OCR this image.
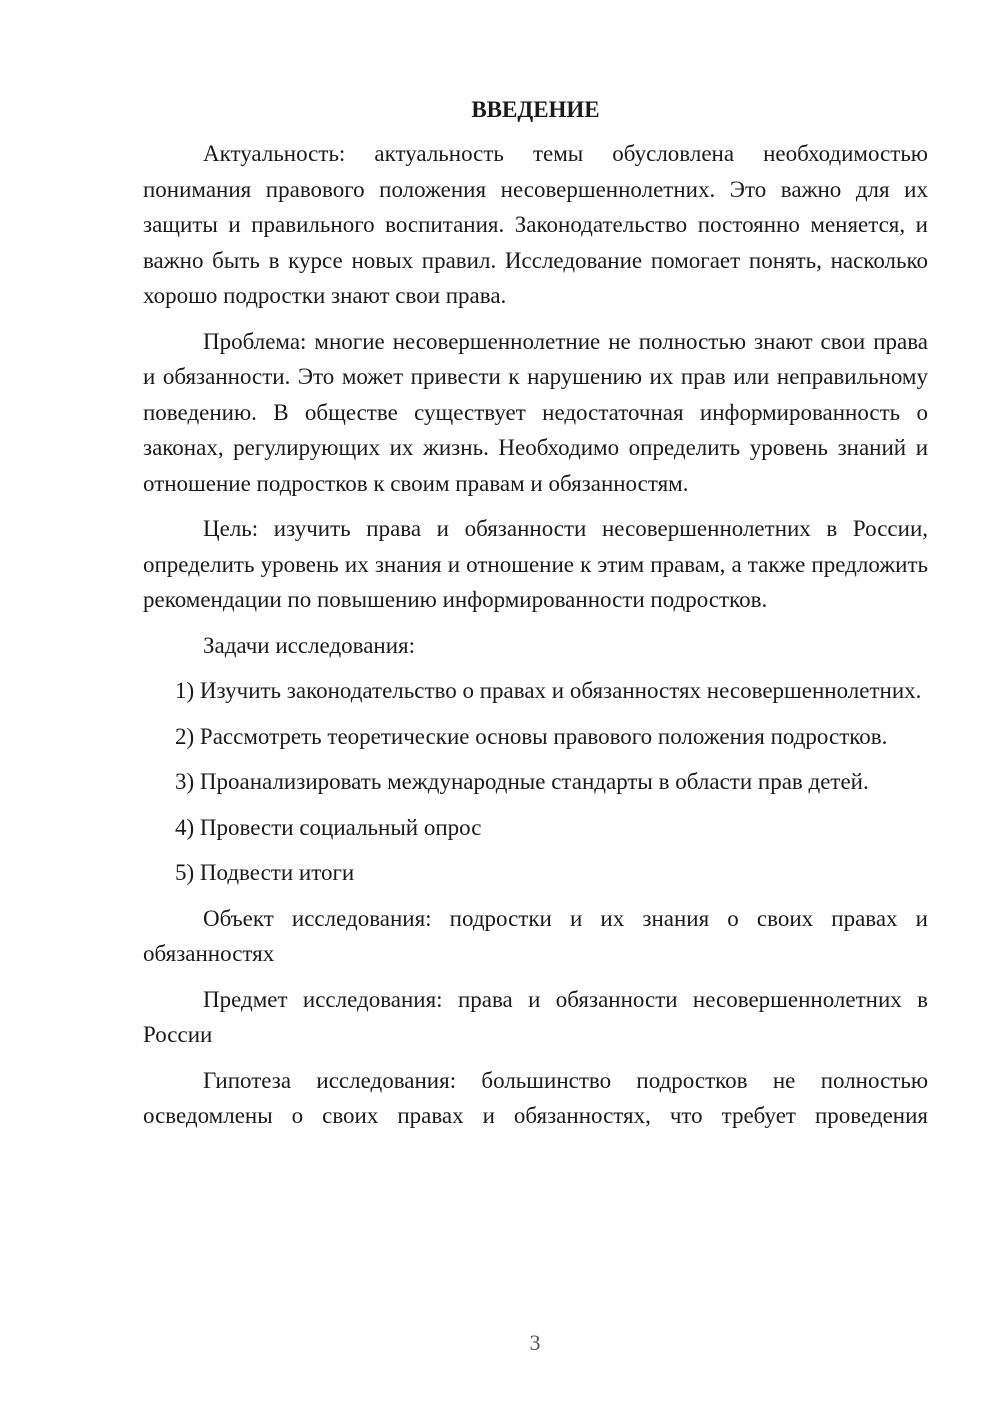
ВВЕДЕНИЕ

Актуальность: актуальность темы обусловлена необходимостью понимания правового положения несовершеннолетних. Это важно для их защиты и правильного воспитания. Законодательство постоянно меняется, и важно быть в курсе новых правил. Исследование помогает понять, насколько хорошо подростки знают свои права.

Проблема: многие несовершеннолетние не полностью знают свои права и обязанности. Это может привести к нарушению их прав или неправильному поведению. В обществе существует недостаточная информированность о законах, регулирующих их жизнь. Необходимо определить уровень знаний и отношение подростков к своим правам и обязанностям.

Цель: изучить права и обязанности несовершеннолетних в России, определить уровень их знания и отношение к этим правам, а также предложить рекомендации по повышению информированности подростков.

Задачи исследования:

1) Изучить законодательство о правах и обязанностях несовершеннолетних.

2) Рассмотреть теоретические основы правового положения подростков.

3) Проанализировать международные стандарты в области прав детей.

4) Провести социальный опрос

5) Подвести итоги

Объект исследования: подростки и их знания о своих правах и обязанностях

Предмет исследования: права и обязанности несовершеннолетних в России

Гипотеза исследования: большинство подростков не полностью осведомлены о своих правах и обязанностях, что требует проведения

3
